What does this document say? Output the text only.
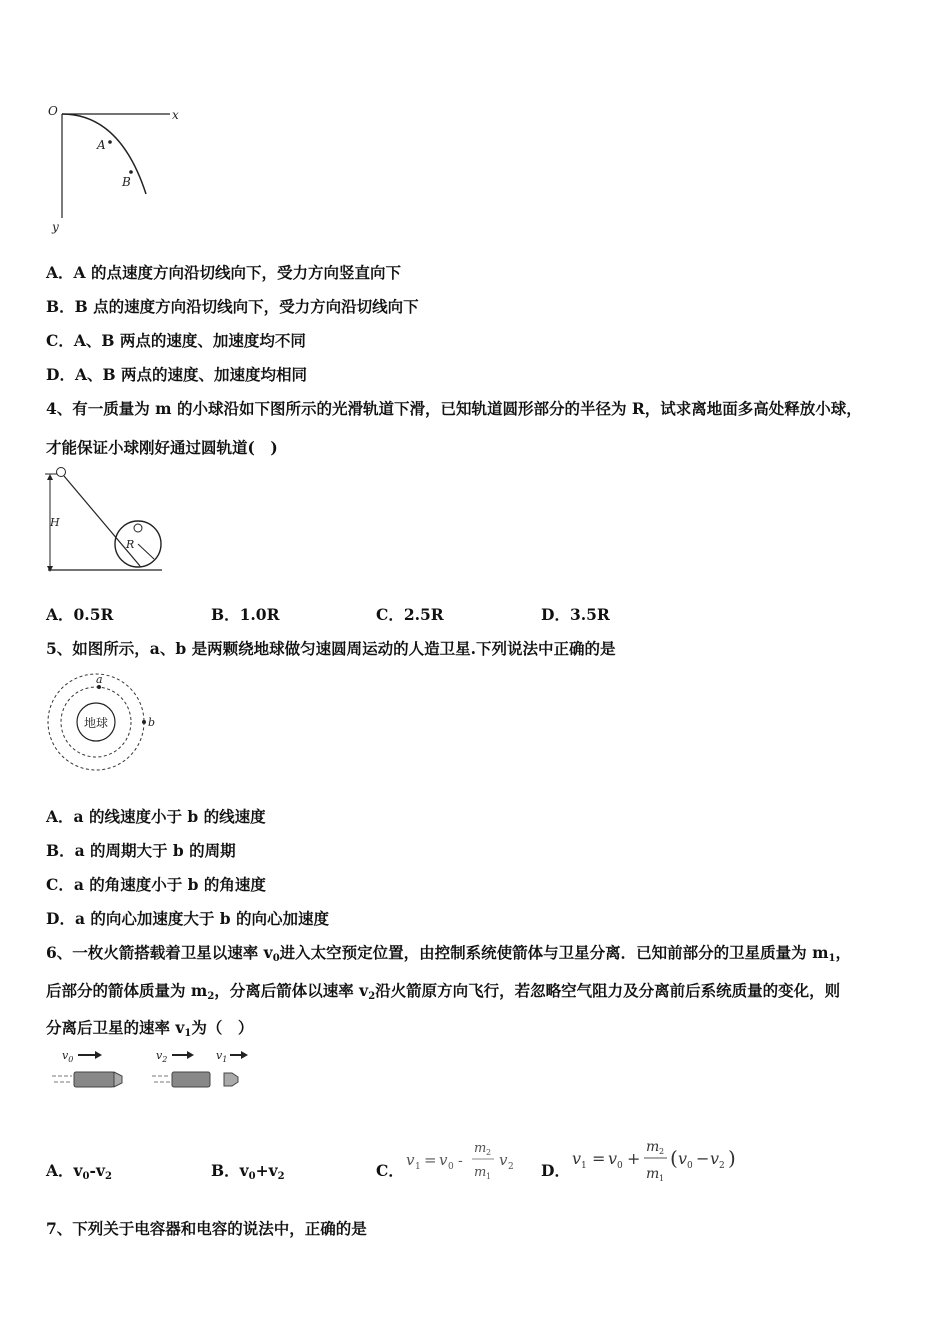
O	x
y
A
B
A．A 的点速度方向沿切线向下，受力方向竖直向下
B．B 点的速度方向沿切线向下，受力方向沿切线向下
C．A、B 两点的速度、加速度均不同
D．A、B 两点的速度、加速度均相同
4、有一质量为 m 的小球沿如下图所示的光滑轨道下滑，已知轨道圆形部分的半径为 R，试求离地面多高处释放小球，
才能保证小球刚好通过圆轨道(　)
H
R
A．0.5R	B．1.0R	C．2.5R	D．3.5R
5、如图所示，a、b 是两颗绕地球做匀速圆周运动的人造卫星.下列说法中正确的是
地球
a
b
A．a 的线速度小于 b 的线速度
B．a 的周期大于 b 的周期
C．a 的角速度小于 b 的角速度
D．a 的向心加速度大于 b 的向心加速度
6、一枚火箭搭载着卫星以速率 $v_0$进入太空预定位置，由控制系统使箭体与卫星分离．已知前部分的卫星质量为 $m_1$，
后部分的箭体质量为 $m_2$，分离后箭体以速率 $v_2$沿火箭原方向飞行，若忽略空气阻力及分离前后系统质量的变化，则
分离后卫星的速率 $v_1$为（　）
$v_0$	$v_2$	$v_1$
A．$v_0-v_2$	B．$v_0+v_2$	C．
v 1 = v 0 -
m 2
m 1
v 2 D．
v 1 = v 0 +
m 2
m 1
( v 0 − v 2 )
7、下列关于电容器和电容的说法中，正确的是
